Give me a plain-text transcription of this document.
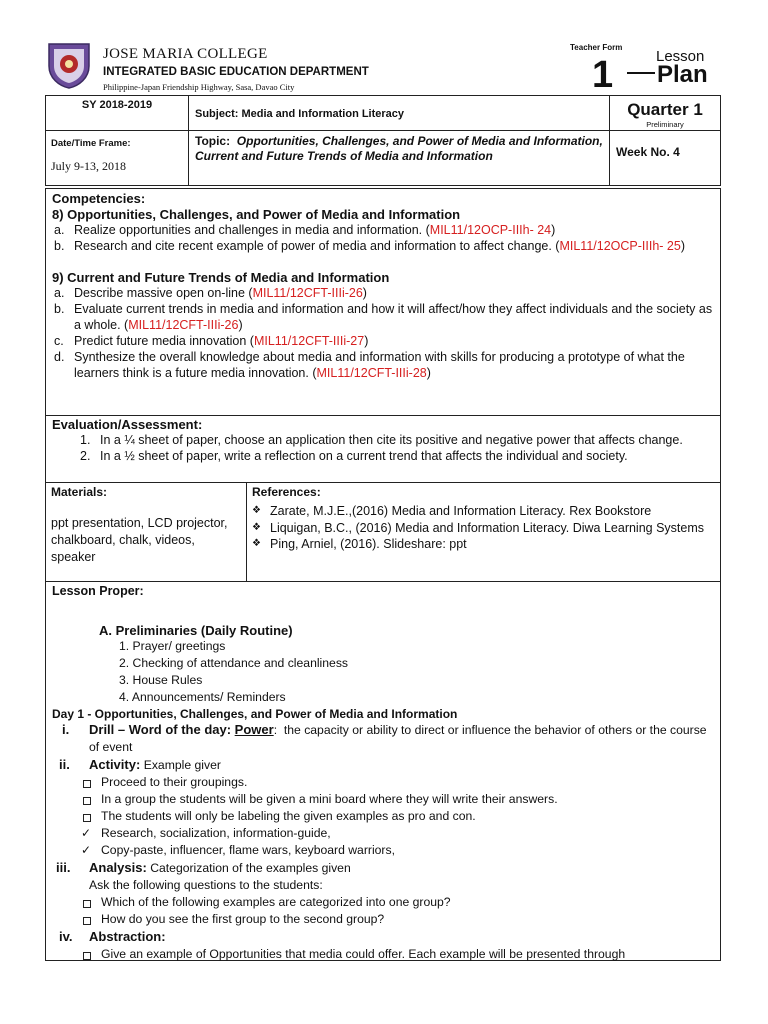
JOSE MARIA COLLEGE
INTEGRATED BASIC EDUCATION DEPARTMENT
Philippine-Japan Friendship Highway, Sasa, Davao City
Teacher Form
1	Lesson
Plan
SY 2018-2019	Subject: Media and Information Literacy	Quarter 1
Preliminary

Date/Time Frame:
July 9-13, 2018	Topic: Opportunities, Challenges, and Power of Media and Information, Current and Future Trends of Media and Information	Week No. 4
Competencies:
8) Opportunities, Challenges, and Power of Media and Information
a. Realize opportunities and challenges in media and information. (MIL11/12OCP-IIIh- 24)
b. Research and cite recent example of power of media and information to affect change. (MIL11/12OCP-IIIh- 25)
9) Current and Future Trends of Media and Information
a. Describe massive open on-line (MIL11/12CFT-IIIi-26)
b. Evaluate current trends in media and information and how it will affect/how they affect individuals and the society as a whole. (MIL11/12CFT-IIIi-26)
c. Predict future media innovation (MIL11/12CFT-IIIi-27)
d. Synthesize the overall knowledge about media and information with skills for producing a prototype of what the learners think is a future media innovation. (MIL11/12CFT-IIIi-28)
Evaluation/Assessment:
1. In a ¼ sheet of paper, choose an application then cite its positive and negative power that affects change.
2. In a ½ sheet of paper, write a reflection on a current trend that affects the individual and society.
Materials:
ppt presentation, LCD projector, chalkboard, chalk, videos, speaker

References:
❖ Zarate, M.J.E.,(2016) Media and Information Literacy. Rex Bookstore
❖ Liquigan, B.C., (2016) Media and Information Literacy. Diwa Learning Systems
❖ Ping, Arniel, (2016). Slideshare: ppt
Lesson Proper:
A. Preliminaries (Daily Routine)
1. Prayer/ greetings
2. Checking of attendance and cleanliness
3. House Rules
4. Announcements/ Reminders
Day 1 - Opportunities, Challenges, and Power of Media and Information
i. Drill – Word of the day: Power:  the capacity or ability to direct or influence the behavior of others or the course of event
ii. Activity: Example giver
Proceed to their groupings.
In a group the students will be given a mini board where they will write their answers.
The students will only be labeling the given examples as pro and con.
✓ Research, socialization, information-guide,
✓ Copy-paste, influencer, flame wars, keyboard warriors,
iii. Analysis: Categorization of the examples given
Ask the following questions to the students:
Which of the following examples are categorized into one group?
How do you see the first group to the second group?
iv. Abstraction:
Give an example of Opportunities that media could offer. Each example will be presented through
